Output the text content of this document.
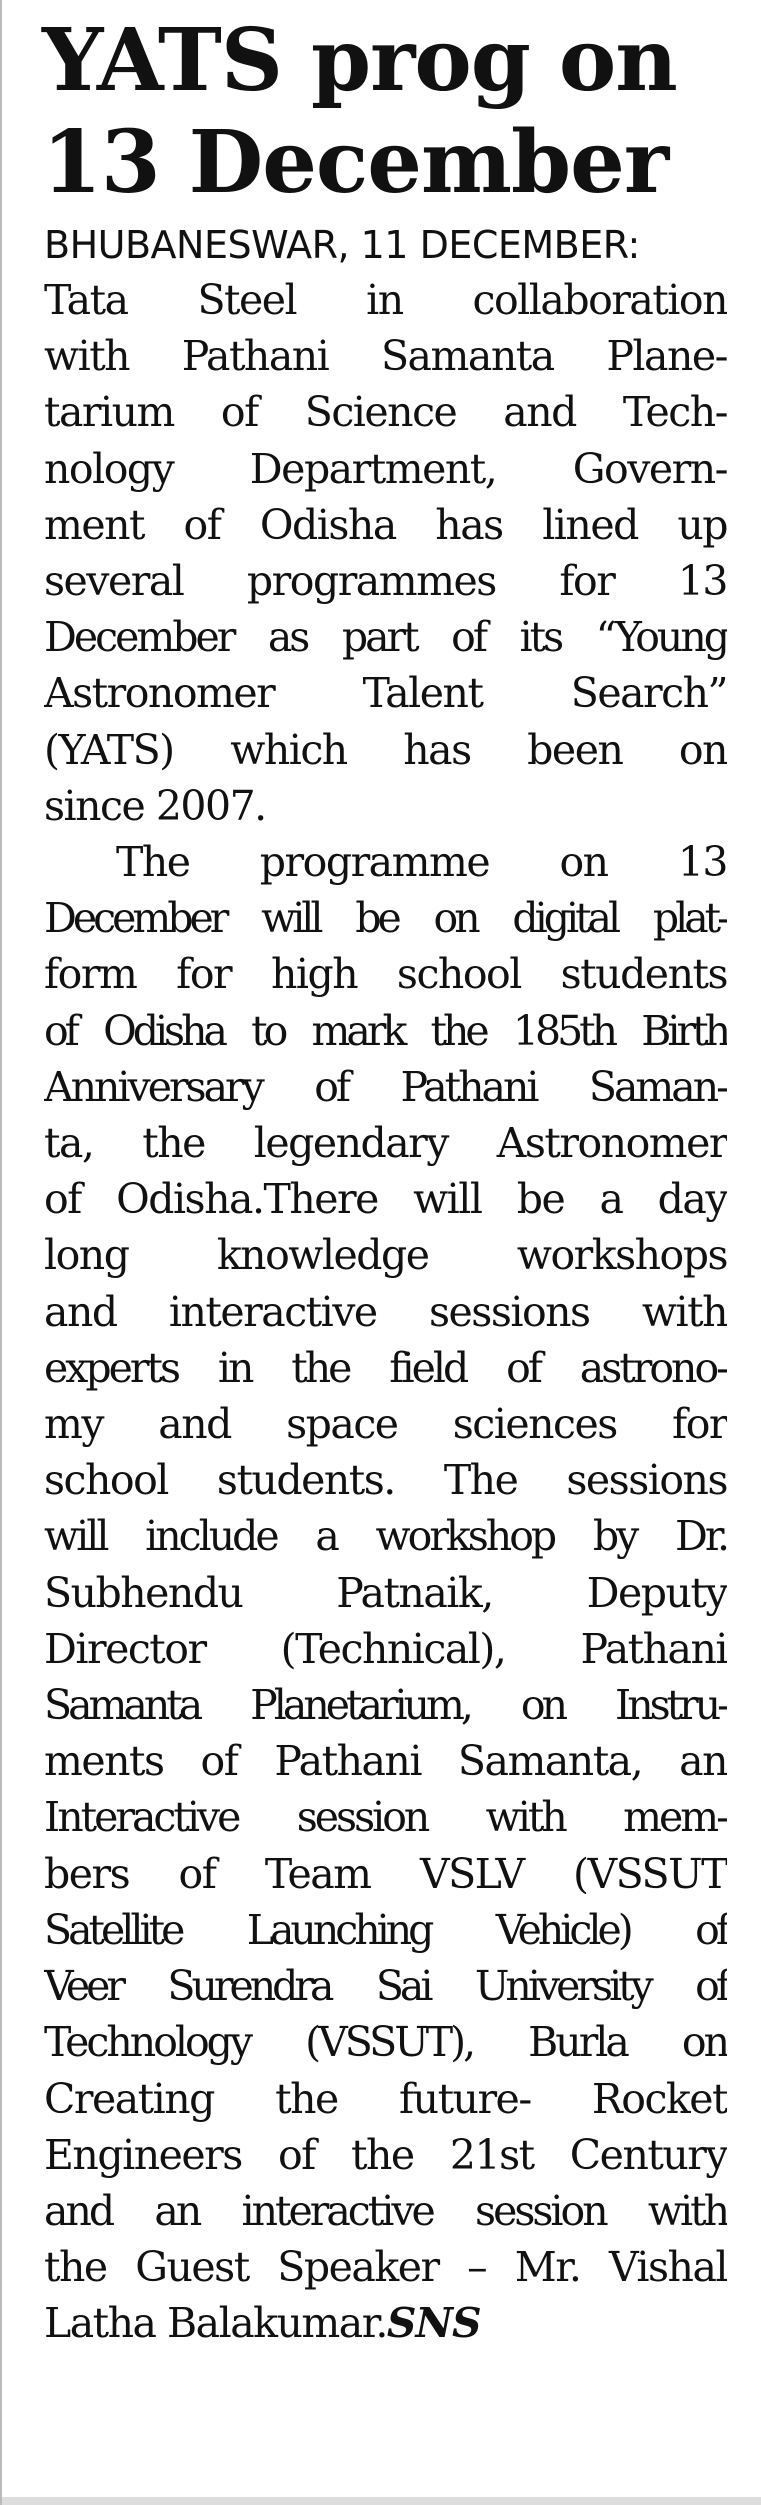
YATS prog on
13 December

BHUBANESWAR, 11 DECEMBER:

Tata Steel in collaboration
with Pathani Samanta Plane-
tarium of Science and Tech-
nology Department, Govern-
ment of Odisha has lined up
several programmes for 13
December as part of its “Young
Astronomer Talent Search”
(YATS) which has been on
since 2007.
The programme on 13
December will be on digital plat-
form for high school students
of Odisha to mark the 185th Birth
Anniversary of Pathani Saman-
ta, the legendary Astronomer
of Odisha.There will be a day
long knowledge workshops
and interactive sessions with
experts in the field of astrono-
my and space sciences for
school students. The sessions
will include a workshop by Dr.
Subhendu Patnaik, Deputy
Director (Technical), Pathani
Samanta Planetarium, on Instru-
ments of Pathani Samanta, an
Interactive session with mem-
bers of Team VSLV (VSSUT
Satellite Launching Vehicle) of
Veer Surendra Sai University of
Technology (VSSUT), Burla on
Creating the future- Rocket
Engineers of the 21st Century
and an interactive session with
the Guest Speaker – Mr. Vishal
Latha Balakumar.SNS
